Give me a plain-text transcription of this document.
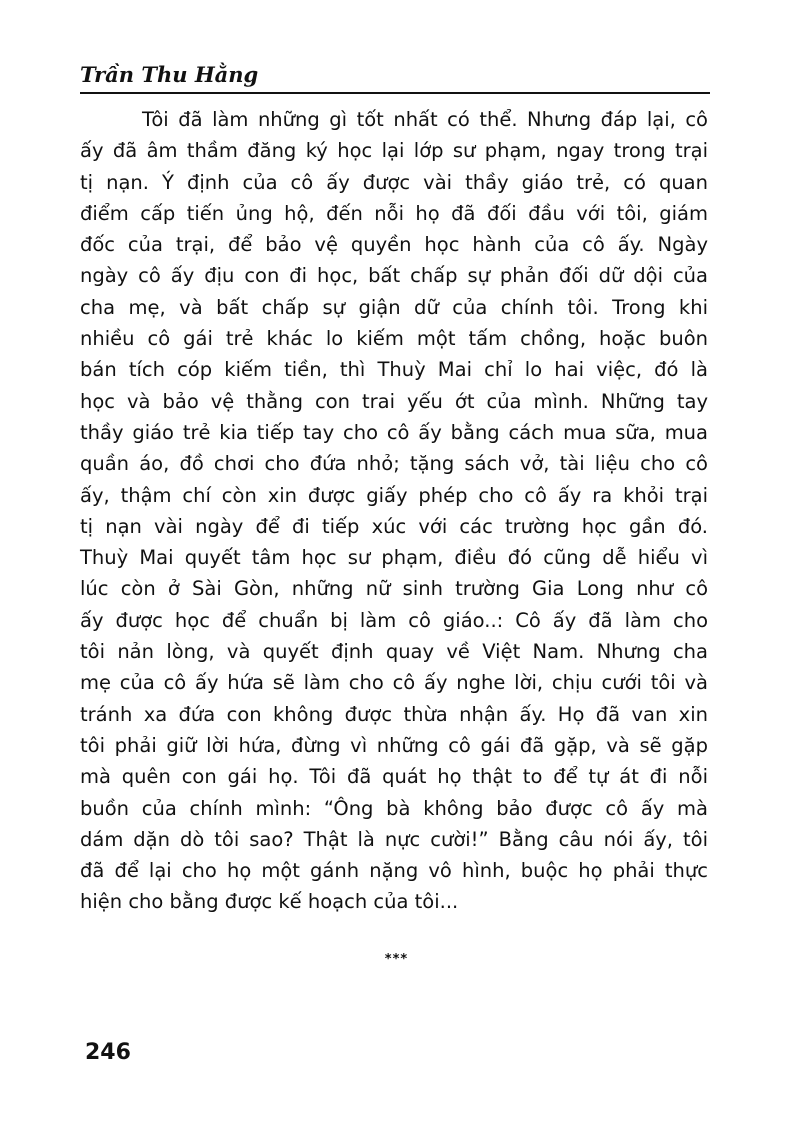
Trần Thu Hằng
Tôi đã làm những gì tốt nhất có thể. Nhưng đáp lại, cô
ấy đã âm thầm đăng ký học lại lớp sư phạm, ngay trong trại
tị nạn. Ý định của cô ấy được vài thầy giáo trẻ, có quan
điểm cấp tiến ủng hộ, đến nỗi họ đã đối đầu với tôi, giám
đốc của trại, để bảo vệ quyền học hành của cô ấy. Ngày
ngày cô ấy địu con đi học, bất chấp sự phản đối dữ dội của
cha mẹ, và bất chấp sự giận dữ của chính tôi. Trong khi
nhiều cô gái trẻ khác lo kiếm một tấm chồng, hoặc buôn
bán tích cóp kiếm tiền, thì Thuỳ Mai chỉ lo hai việc, đó là
học và bảo vệ thằng con trai yếu ớt của mình. Những tay
thầy giáo trẻ kia tiếp tay cho cô ấy bằng cách mua sữa, mua
quần áo, đồ chơi cho đứa nhỏ; tặng sách vở, tài liệu cho cô
ấy, thậm chí còn xin được giấy phép cho cô ấy ra khỏi trại
tị nạn vài ngày để đi tiếp xúc với các trường học gần đó.
Thuỳ Mai quyết tâm học sư phạm, điều đó cũng dễ hiểu vì
lúc còn ở Sài Gòn, những nữ sinh trường Gia Long như cô
ấy được học để chuẩn bị làm cô giáo..: Cô ấy đã làm cho
tôi nản lòng, và quyết định quay về Việt Nam. Nhưng cha
mẹ của cô ấy hứa sẽ làm cho cô ấy nghe lời, chịu cưới tôi và
tránh xa đứa con không được thừa nhận ấy. Họ đã van xin
tôi phải giữ lời hứa, đừng vì những cô gái đã gặp, và sẽ gặp
mà quên con gái họ. Tôi đã quát họ thật to để tự át đi nỗi
buồn của chính mình: “Ông bà không bảo được cô ấy mà
dám dặn dò tôi sao? Thật là nực cười!” Bằng câu nói ấy, tôi
đã để lại cho họ một gánh nặng vô hình, buộc họ phải thực
hiện cho bằng được kế hoạch của tôi...
***
246
